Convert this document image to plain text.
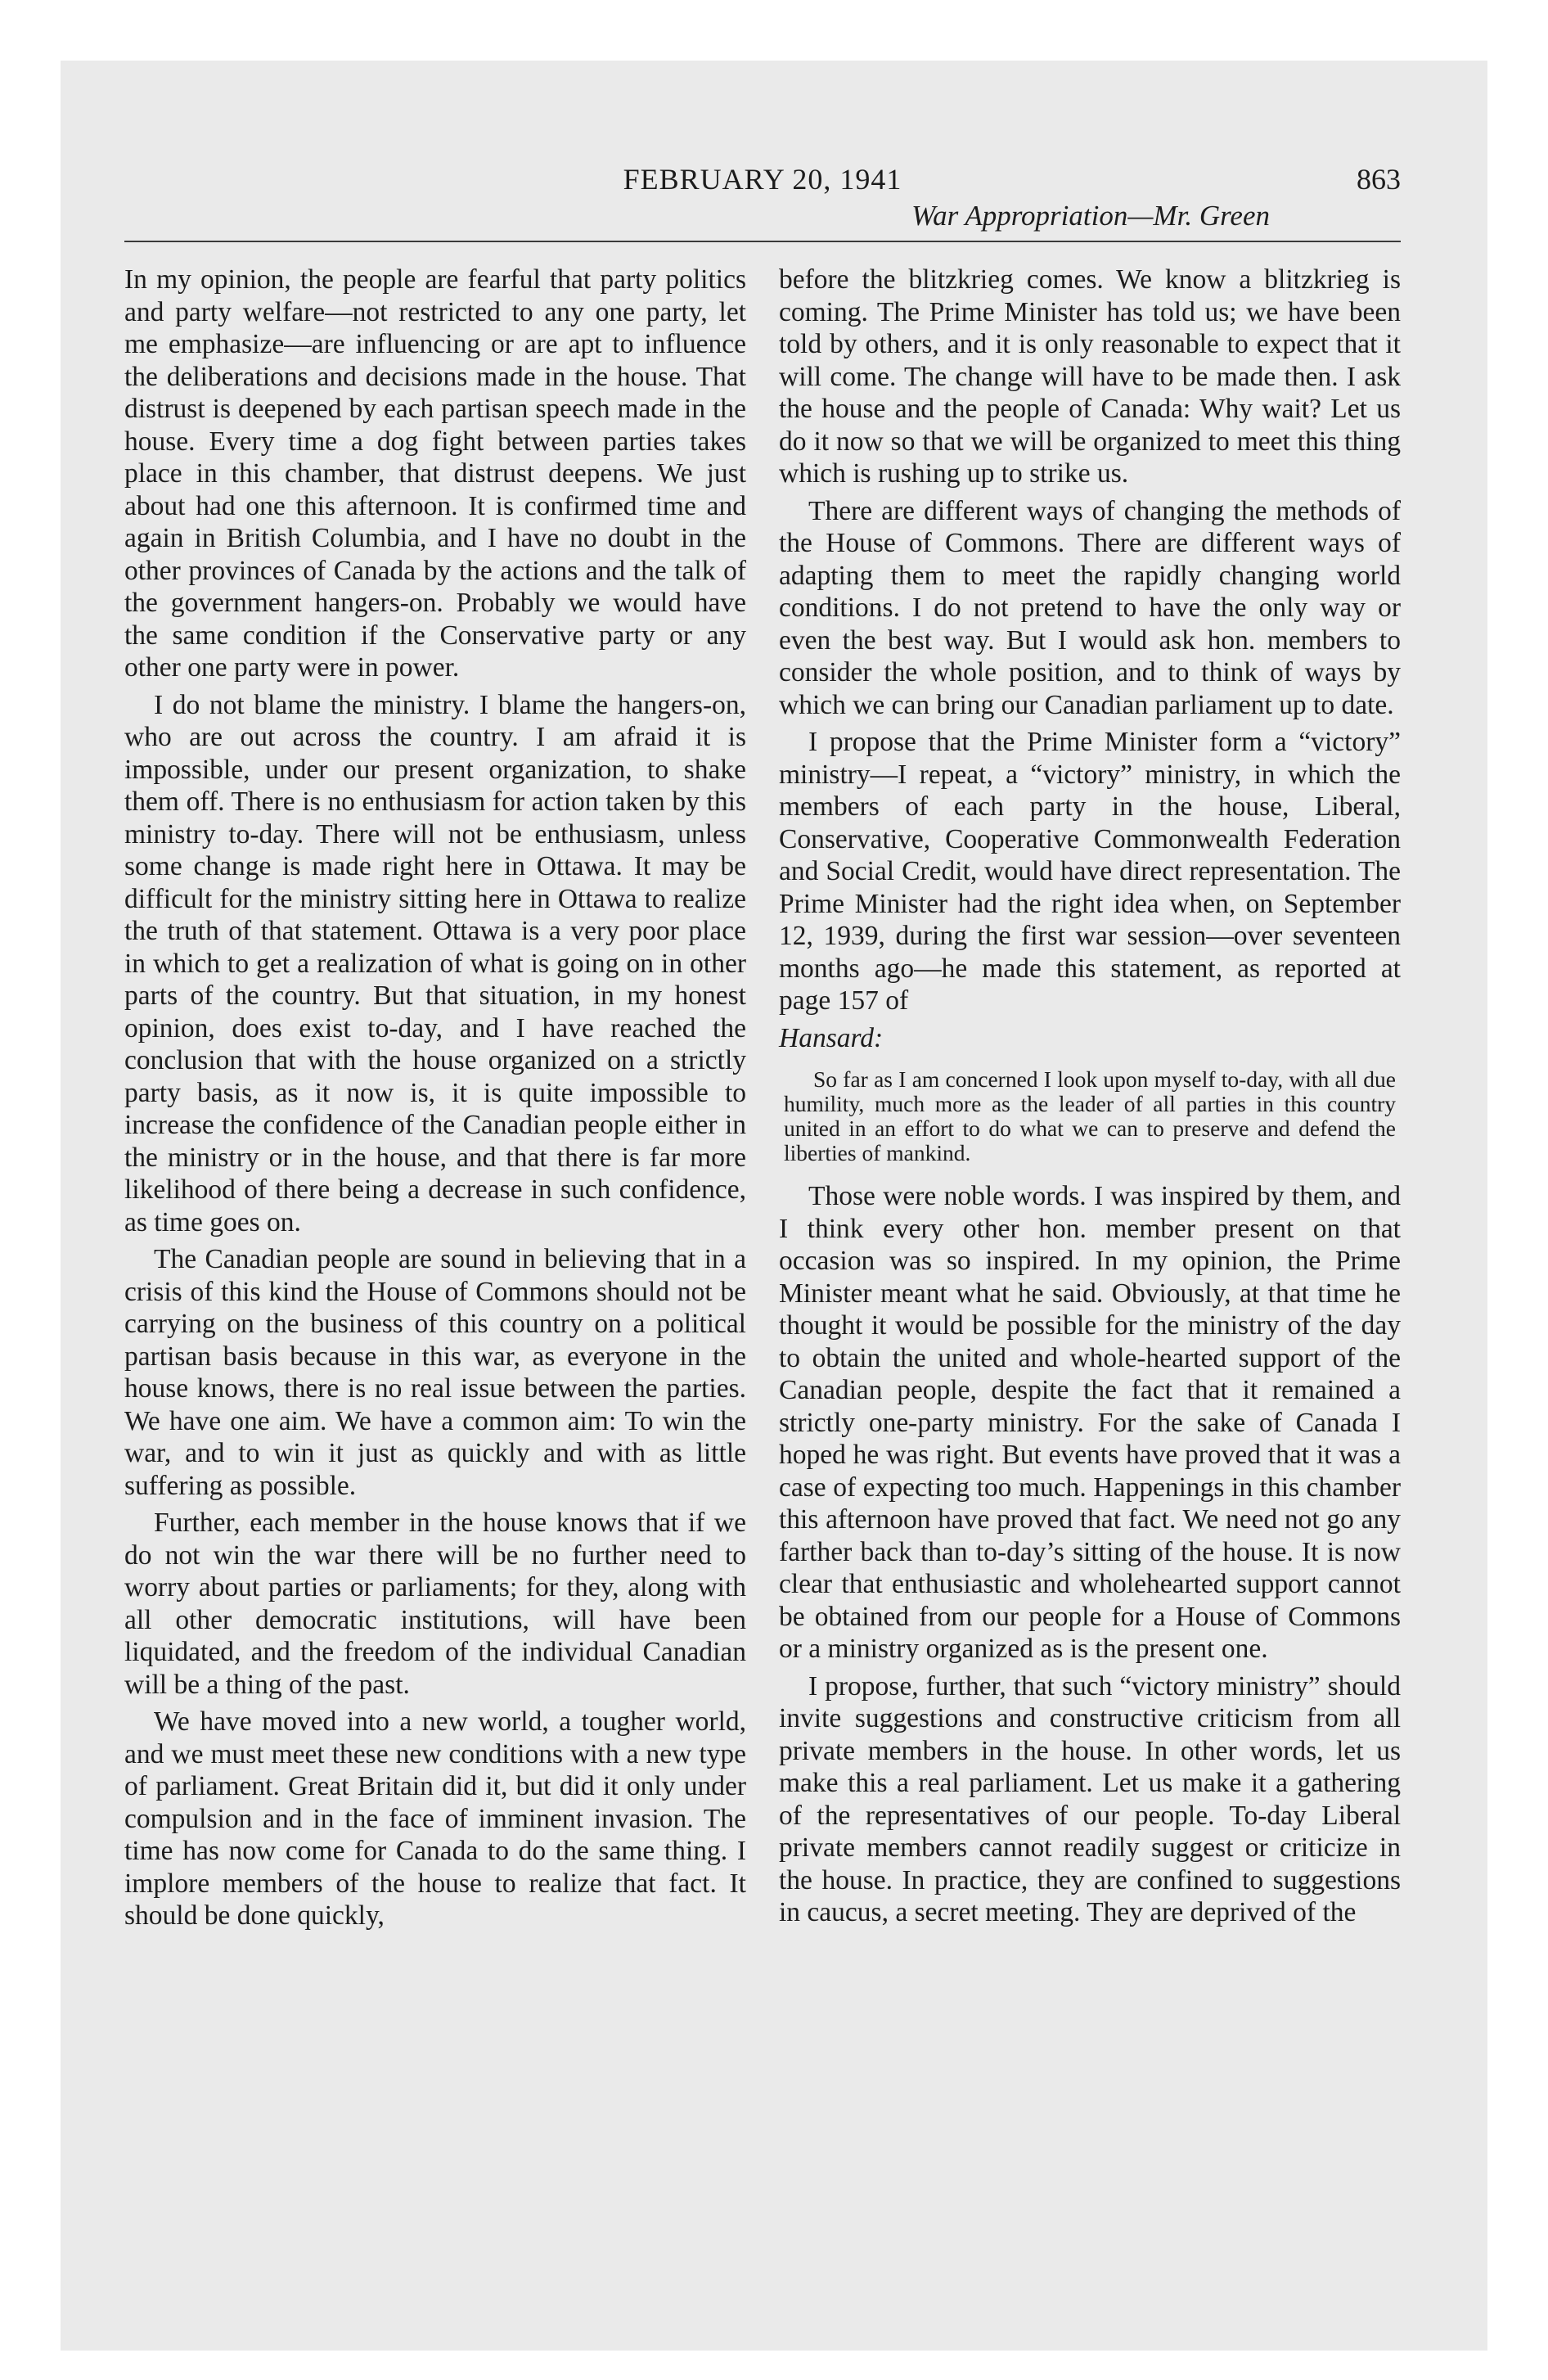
FEBRUARY 20, 1941	863
War Appropriation—Mr. Green

In my opinion, the people are fearful that party politics and party welfare—not restricted to any one party, let me emphasize—are influencing or are apt to influence the deliberations and decisions made in the house. That distrust is deepened by each partisan speech made in the house. Every time a dog fight between parties takes place in this chamber, that distrust deepens. We just about had one this afternoon. It is confirmed time and again in British Columbia, and I have no doubt in the other provinces of Canada by the actions and the talk of the government hangers-on. Probably we would have the same condition if the Conservative party or any other one party were in power.

I do not blame the ministry. I blame the hangers-on, who are out across the country. I am afraid it is impossible, under our present organization, to shake them off. There is no enthusiasm for action taken by this ministry to-day. There will not be enthusiasm, unless some change is made right here in Ottawa. It may be difficult for the ministry sitting here in Ottawa to realize the truth of that statement. Ottawa is a very poor place in which to get a realization of what is going on in other parts of the country. But that situation, in my honest opinion, does exist to-day, and I have reached the conclusion that with the house organized on a strictly party basis, as it now is, it is quite impossible to increase the confidence of the Canadian people either in the ministry or in the house, and that there is far more likelihood of there being a decrease in such confidence, as time goes on.

The Canadian people are sound in believing that in a crisis of this kind the House of Commons should not be carrying on the business of this country on a political partisan basis because in this war, as everyone in the house knows, there is no real issue between the parties. We have one aim. We have a common aim: To win the war, and to win it just as quickly and with as little suffering as possible.

Further, each member in the house knows that if we do not win the war there will be no further need to worry about parties or parliaments; for they, along with all other democratic institutions, will have been liquidated, and the freedom of the individual Canadian will be a thing of the past.

We have moved into a new world, a tougher world, and we must meet these new conditions with a new type of parliament. Great Britain did it, but did it only under compulsion and in the face of imminent invasion. The time has now come for Canada to do the same thing. I implore members of the house to realize that fact. It should be done quickly,

before the blitzkrieg comes. We know a blitzkrieg is coming. The Prime Minister has told us; we have been told by others, and it is only reasonable to expect that it will come. The change will have to be made then. I ask the house and the people of Canada: Why wait? Let us do it now so that we will be organized to meet this thing which is rushing up to strike us.

There are different ways of changing the methods of the House of Commons. There are different ways of adapting them to meet the rapidly changing world conditions. I do not pretend to have the only way or even the best way. But I would ask hon. members to consider the whole position, and to think of ways by which we can bring our Canadian parliament up to date.

I propose that the Prime Minister form a “victory” ministry—I repeat, a “victory” ministry, in which the members of each party in the house, Liberal, Conservative, Cooperative Commonwealth Federation and Social Credit, would have direct representation. The Prime Minister had the right idea when, on September 12, 1939, during the first war session—over seventeen months ago—he made this statement, as reported at page 157 of

Hansard:

So far as I am concerned I look upon myself to-day, with all due humility, much more as the leader of all parties in this country united in an effort to do what we can to preserve and defend the liberties of mankind.

Those were noble words. I was inspired by them, and I think every other hon. member present on that occasion was so inspired. In my opinion, the Prime Minister meant what he said. Obviously, at that time he thought it would be possible for the ministry of the day to obtain the united and whole-hearted support of the Canadian people, despite the fact that it remained a strictly one-party ministry. For the sake of Canada I hoped he was right. But events have proved that it was a case of expecting too much. Happenings in this chamber this afternoon have proved that fact. We need not go any farther back than to-day’s sitting of the house. It is now clear that enthusiastic and wholehearted support cannot be obtained from our people for a House of Commons or a ministry organized as is the present one.

I propose, further, that such “victory ministry” should invite suggestions and constructive criticism from all private members in the house. In other words, let us make this a real parliament. Let us make it a gathering of the representatives of our people. To-day Liberal private members cannot readily suggest or criticize in the house. In practice, they are confined to suggestions in caucus, a secret meeting. They are deprived of the
